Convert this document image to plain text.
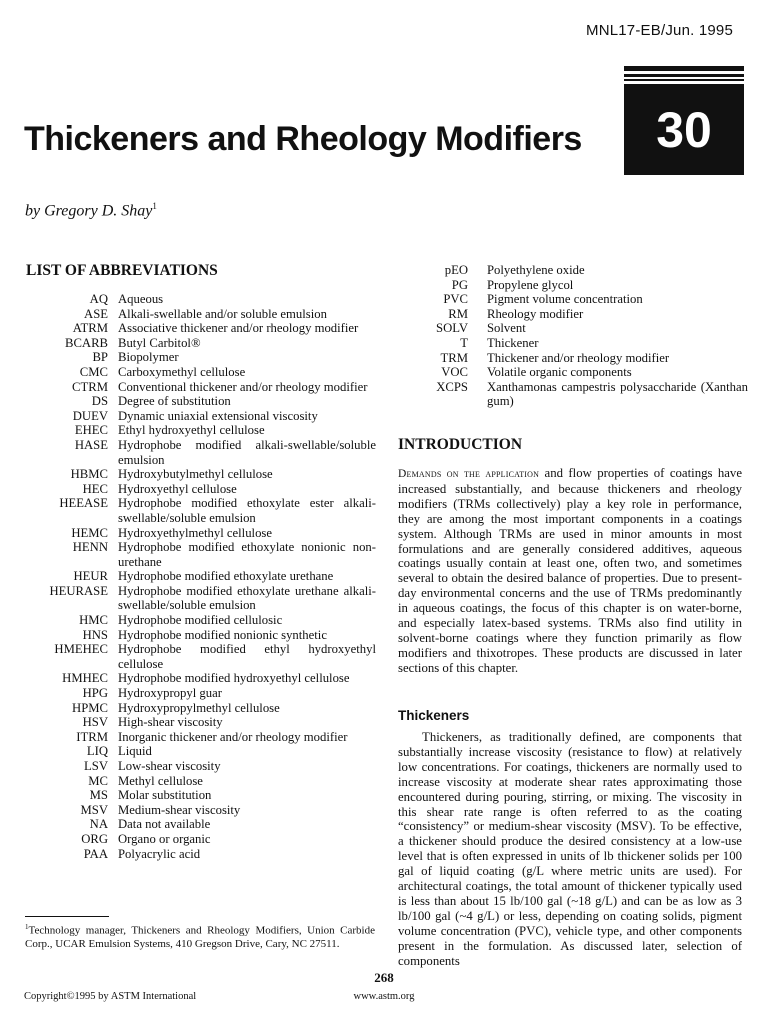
MNL17-EB/Jun. 1995
30
Thickeners and Rheology Modifiers
by Gregory D. Shay$^1$
LIST OF ABBREVIATIONS
AQ Aqueous
ASE Alkali-swellable and/or soluble emulsion
ATRM Associative thickener and/or rheology modifier
BCARB Butyl Carbitol®
BP Biopolymer
CMC Carboxymethyl cellulose
CTRM Conventional thickener and/or rheology modifier
DS Degree of substitution
DUEV Dynamic uniaxial extensional viscosity
EHEC Ethyl hydroxyethyl cellulose
HASE Hydrophobe modified alkali-swellable/soluble emulsion
HBMC Hydroxybutylmethyl cellulose
HEC Hydroxyethyl cellulose
HEEASE Hydrophobe modified ethoxylate ester alkali-swellable/soluble emulsion
HEMC Hydroxyethylmethyl cellulose
HENN Hydrophobe modified ethoxylate nonionic non-urethane
HEUR Hydrophobe modified ethoxylate urethane
HEURASE Hydrophobe modified ethoxylate urethane alkali-swellable/soluble emulsion
HMC Hydrophobe modified cellulosic
HNS Hydrophobe modified nonionic synthetic
HMEHEC Hydrophobe modified ethyl hydroxyethyl cellulose
HMHEC Hydrophobe modified hydroxyethyl cellulose
HPG Hydroxypropyl guar
HPMC Hydroxypropylmethyl cellulose
HSV High-shear viscosity
ITRM Inorganic thickener and/or rheology modifier
LIQ Liquid
LSV Low-shear viscosity
MC Methyl cellulose
MS Molar substitution
MSV Medium-shear viscosity
NA Data not available
ORG Organo or organic
PAA Polyacrylic acid
pEO	Polyethylene oxide
PG	Propylene glycol
PVC	Pigment volume concentration
RM	Rheology modifier
SOLV	Solvent
T	Thickener
TRM	Thickener and/or rheology modifier
VOC	Volatile organic components
XCPS	Xanthamonas campestris polysaccharide (Xanthan gum)
$^1$Technology manager, Thickeners and Rheology Modifiers, Union Carbide Corp., UCAR Emulsion Systems, 410 Gregson Drive, Cary, NC 27511.
INTRODUCTION

Demands on the application and flow properties of coatings have increased substantially, and because thickeners and rheology modifiers (TRMs collectively) play a key role in performance, they are among the most important components in a coatings system. Although TRMs are used in minor amounts in most formulations and are generally considered additives, aqueous coatings usually contain at least one, often two, and sometimes several to obtain the desired balance of properties. Due to present-day environmental concerns and the use of TRMs predominantly in aqueous coatings, the focus of this chapter is on water-borne, and especially latex-based systems. TRMs also find utility in solvent-borne coatings where they function primarily as flow modifiers and thixotropes. These products are discussed in later sections of this chapter.

Thickeners

Thickeners, as traditionally defined, are components that substantially increase viscosity (resistance to flow) at relatively low concentrations. For coatings, thickeners are normally used to increase viscosity at moderate shear rates approximating those encountered during pouring, stirring, or mixing. The viscosity in this shear rate range is often referred to as the coating “consistency” or medium-shear viscosity (MSV). To be effective, a thickener should produce the desired consistency at a low-use level that is often expressed in units of lb thickener solids per 100 gal of liquid coating (g/L where metric units are used). For architectural coatings, the total amount of thickener typically used is less than about 15 lb/100 gal (~18 g/L) and can be as low as 3 lb/100 gal (~4 g/L) or less, depending on coating solids, pigment volume concentration (PVC), vehicle type, and other components present in the formulation. As discussed later, selection of components

268
Copyright©1995 by ASTM International	www.astm.org
